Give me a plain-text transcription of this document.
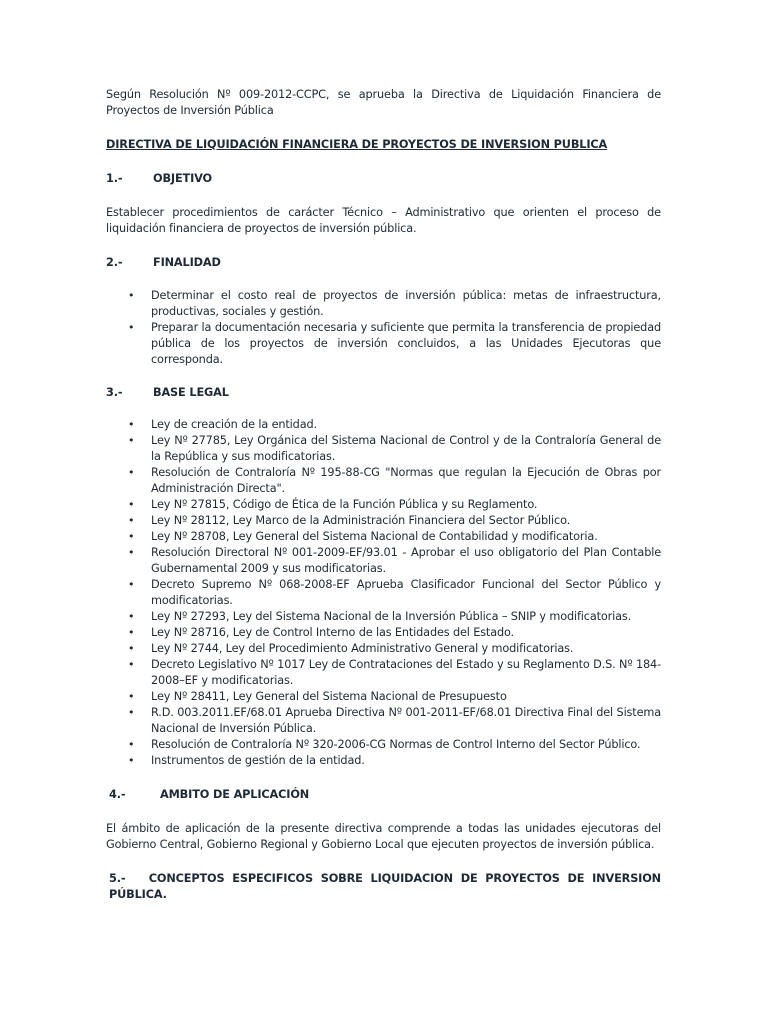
Según Resolución Nº 009-2012-CCPC, se aprueba la Directiva de Liquidación Financiera de Proyectos de Inversión Pública

DIRECTIVA DE LIQUIDACIÓN FINANCIERA DE PROYECTOS DE INVERSION PUBLICA

1.-	OBJETIVO

Establecer procedimientos de carácter Técnico – Administrativo que orienten el proceso de liquidación financiera de proyectos de inversión pública.

2.-	FINALIDAD
• Determinar el costo real de proyectos de inversión pública: metas de infraestructura, productivas, sociales y gestión.
• Preparar la documentación necesaria y suficiente que permita la transferencia de propiedad pública de los proyectos de inversión concluidos, a las Unidades Ejecutoras que corresponda.
3.-	BASE LEGAL
• Ley de creación de la entidad.
• Ley Nº 27785, Ley Orgánica del Sistema Nacional de Control y de la Contraloría General de la República y sus modificatorias.
• Resolución de Contraloría Nº 195-88-CG "Normas que regulan la Ejecución de Obras por Administración Directa".
• Ley Nº 27815, Código de Ética de la Función Pública y su Reglamento.
• Ley Nº 28112, Ley Marco de la Administración Financiera del Sector Público.
• Ley Nº 28708, Ley General del Sistema Nacional de Contabilidad y modificatoria.
• Resolución Directoral Nº 001-2009-EF/93.01 - Aprobar el uso obligatorio del Plan Contable Gubernamental 2009 y sus modificatorias.
• Decreto Supremo Nº 068-2008-EF Aprueba Clasificador Funcional del Sector Público y modificatorias.
• Ley Nº 27293, Ley del Sistema Nacional de la Inversión Pública – SNIP y modificatorias.
• Ley Nº 28716, Ley de Control Interno de las Entidades del Estado.
• Ley Nº 2744, Ley del Procedimiento Administrativo General y modificatorias.
• Decreto Legislativo Nº 1017 Ley de Contrataciones del Estado y su Reglamento D.S. Nº 184-2008–EF y modificatorias.
• Ley Nº 28411, Ley General del Sistema Nacional de Presupuesto
• R.D. 003.2011.EF/68.01 Aprueba Directiva Nº 001-2011-EF/68.01 Directiva Final del Sistema Nacional de Inversión Pública.
• Resolución de Contraloría Nº 320-2006-CG Normas de Control Interno del Sector Público.
• Instrumentos de gestión de la entidad.
4.-	AMBITO DE APLICACIÓN

El ámbito de aplicación de la presente directiva comprende a todas las unidades ejecutoras del Gobierno Central, Gobierno Regional y Gobierno Local que ejecuten proyectos de inversión pública.

5.- CONCEPTOS ESPECIFICOS SOBRE LIQUIDACION DE PROYECTOS DE INVERSION PÚBLICA.
